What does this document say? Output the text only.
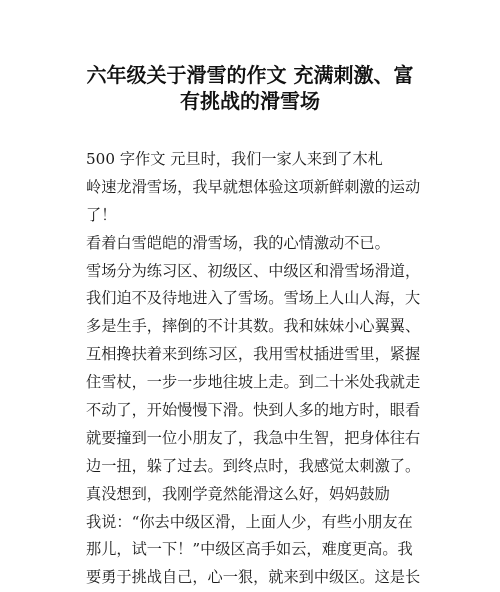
六年级关于滑雪的作文 充满刺激、富
有挑战的滑雪场
500 字作文 元旦时，我们一家人来到了木札
岭速龙滑雪场，我早就想体验这项新鲜刺激的运动
了！
看着白雪皑皑的滑雪场，我的心情激动不已。
雪场分为练习区、初级区、中级区和滑雪场滑道，
我们迫不及待地进入了雪场。雪场上人山人海，大
多是生手，摔倒的不计其数。我和妹妹小心翼翼、
互相搀扶着来到练习区，我用雪杖插进雪里，紧握
住雪杖，一步一步地往坡上走。到二十米处我就走
不动了，开始慢慢下滑。快到人多的地方时，眼看
就要撞到一位小朋友了，我急中生智，把身体往右
边一扭，躲了过去。到终点时，我感觉太刺激了。
真没想到，我刚学竟然能滑这么好，妈妈鼓励
我说：“你去中级区滑，上面人少，有些小朋友在
那儿，试一下！”中级区高手如云，难度更高。我
要勇于挑战自己，心一狠，就来到中级区。这是长
